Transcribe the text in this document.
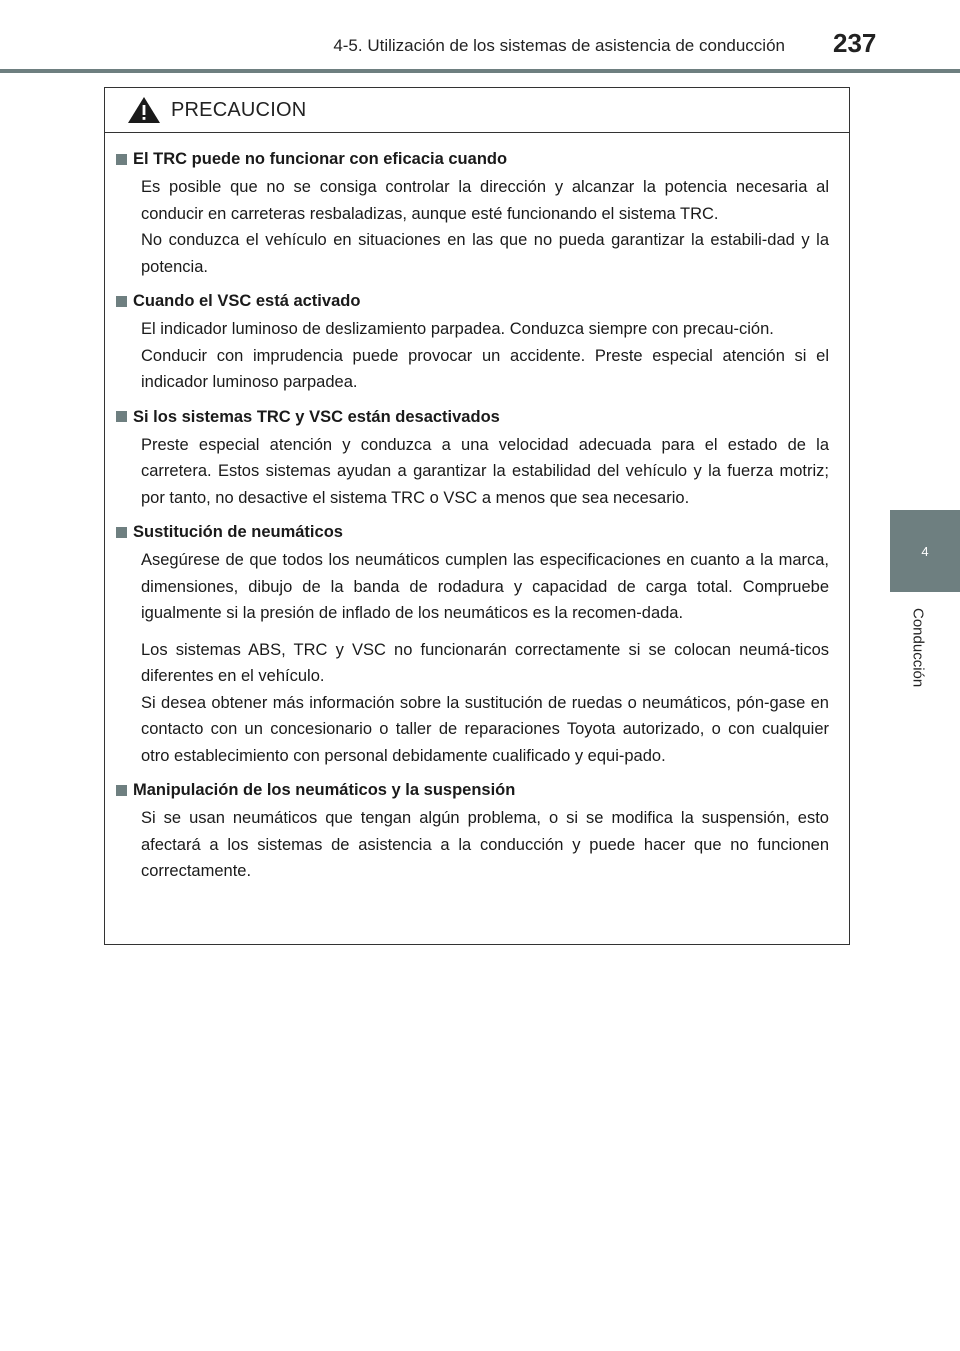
4-5. Utilización de los sistemas de asistencia de conducción 237
4
Conducción
PRECAUCION
El TRC puede no funcionar con eficacia cuando

Es posible que no se consiga controlar la dirección y alcanzar la potencia necesaria al conducir en carreteras resbaladizas, aunque esté funcionando el sistema TRC.
No conduzca el vehículo en situaciones en las que no pueda garantizar la estabili-dad y la potencia.

Cuando el VSC está activado

El indicador luminoso de deslizamiento parpadea. Conduzca siempre con precau-ción.
Conducir con imprudencia puede provocar un accidente. Preste especial atención si el indicador luminoso parpadea.

Si los sistemas TRC y VSC están desactivados

Preste especial atención y conduzca a una velocidad adecuada para el estado de la carretera. Estos sistemas ayudan a garantizar la estabilidad del vehículo y la fuerza motriz; por tanto, no desactive el sistema TRC o VSC a menos que sea necesario.

Sustitución de neumáticos

Asegúrese de que todos los neumáticos cumplen las especificaciones en cuanto a la marca, dimensiones, dibujo de la banda de rodadura y capacidad de carga total. Compruebe igualmente si la presión de inflado de los neumáticos es la recomen-dada.

Los sistemas ABS, TRC y VSC no funcionarán correctamente si se colocan neumá-ticos diferentes en el vehículo.
Si desea obtener más información sobre la sustitución de ruedas o neumáticos, pón-gase en contacto con un concesionario o taller de reparaciones Toyota autorizado, o con cualquier otro establecimiento con personal debidamente cualificado y equi-pado.

Manipulación de los neumáticos y la suspensión

Si se usan neumáticos que tengan algún problema, o si se modifica la suspensión, esto afectará a los sistemas de asistencia a la conducción y puede hacer que no funcionen correctamente.
